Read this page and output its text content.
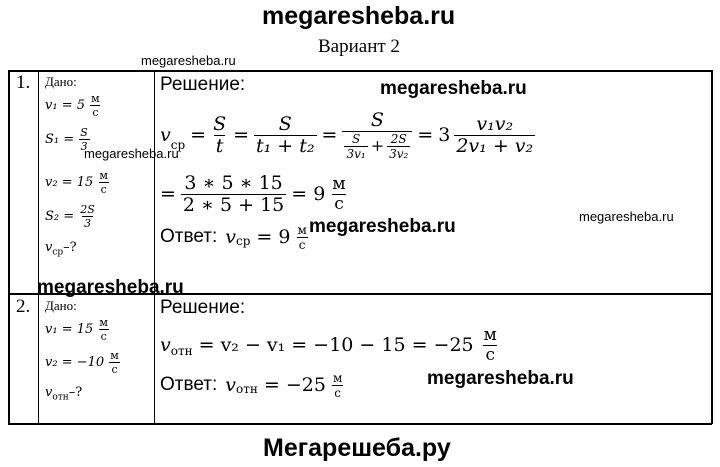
megaresheba.ru
Вариант 2
megaresheba.ru
1. Дано:
$v_1 = 5 \frac{м}{с}$
$S_1 = \frac{S}{3}$
$v_2 = 15 \frac{м}{с}$
$S_2 = \frac{2S}{3}$
$v_{ср}-$?
megaresheba.ru
Решение:	megaresheba.ru
$v_{ср} = \frac{S}{t} = \frac{S}{\text{t₁ + t₂}} = \frac{S}{\frac{S}{\text{3v₁}} + \frac{2S}{\text{3v₂}}} = 3 \frac{\text{v₁v₂}}{\text{2v₁ + v₂}}$
= $\frac{3 ∗ 5 ∗ 15}{2 ∗ 5 + 15} = 9 \frac{м}{с}$
Ответ: $v_{ср} = 9 \frac{м}{с}$ megaresheba.ru	megaresheba.ru
megaresheba.ru
2. Дано:
$v_1 = 15 \frac{м}{с}$
$v_2 = -10 \frac{м}{с}$
$v_{отн}-$?
Решение:
$v_{отн} = v_2 - v_1 = -10 - 15 = -25 \frac{м}{с}$
Ответ: $v_{отн} = -25 \frac{м}{с}$	megaresheba.ru
Мегарешеба.ру
